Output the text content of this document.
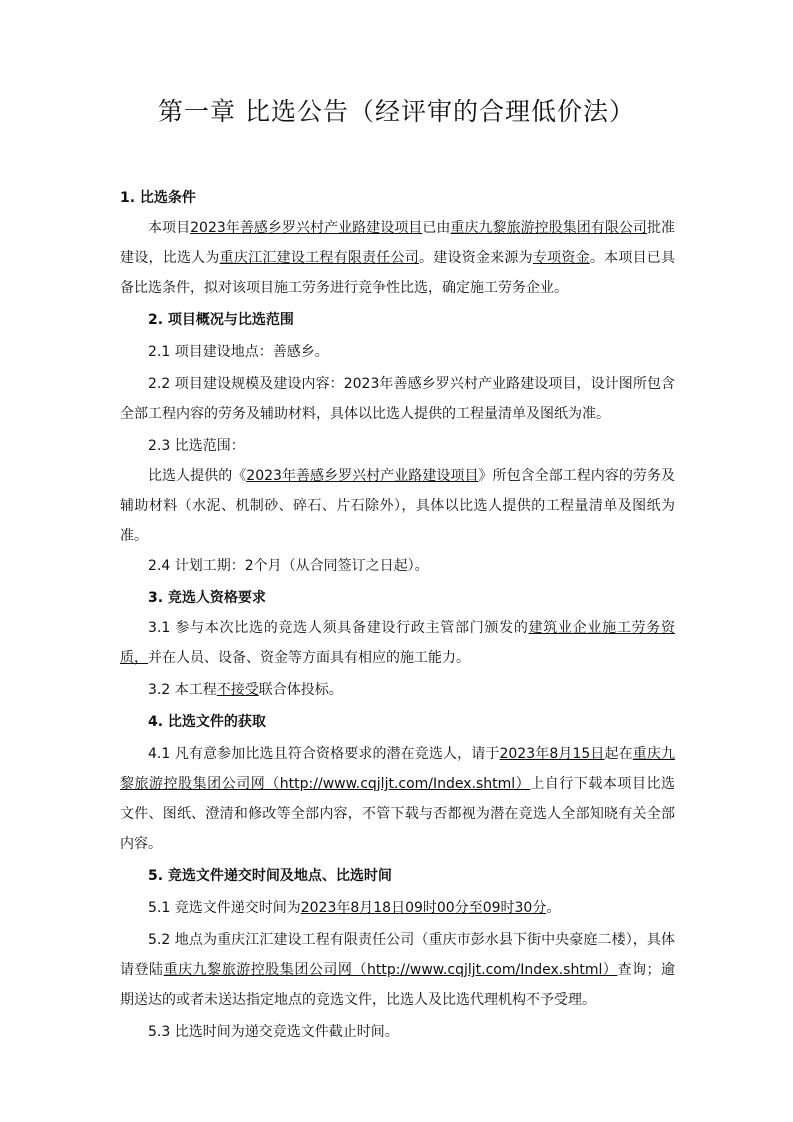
第一章 比选公告（经评审的合理低价法）

1. 比选条件

本项目2023年善感乡罗兴村产业路建设项目已由重庆九黎旅游控股集团有限公司批准建设，比选人为重庆江汇建设工程有限责任公司。建设资金来源为专项资金。本项目已具备比选条件，拟对该项目施工劳务进行竞争性比选，确定施工劳务企业。

2. 项目概况与比选范围

2.1 项目建设地点：善感乡。

2.2 项目建设规模及建设内容：2023年善感乡罗兴村产业路建设项目，设计图所包含全部工程内容的劳务及辅助材料，具体以比选人提供的工程量清单及图纸为准。

2.3 比选范围：

比选人提供的《2023年善感乡罗兴村产业路建设项目》所包含全部工程内容的劳务及辅助材料（水泥、机制砂、碎石、片石除外），具体以比选人提供的工程量清单及图纸为准。

2.4 计划工期：2个月（从合同签订之日起）。

3. 竞选人资格要求

3.1 参与本次比选的竞选人须具备建设行政主管部门颁发的建筑业企业施工劳务资质，并在人员、设备、资金等方面具有相应的施工能力。

3.2 本工程不接受联合体投标。

4. 比选文件的获取

4.1 凡有意参加比选且符合资格要求的潜在竞选人，请于2023年8月15日起在重庆九黎旅游控股集团公司网（http://www.cqjljt.com/Index.shtml）上自行下载本项目比选文件、图纸、澄清和修改等全部内容，不管下载与否都视为潜在竞选人全部知晓有关全部内容。

5. 竞选文件递交时间及地点、比选时间

5.1 竞选文件递交时间为2023年8月18日09时00分至09时30分。

5.2 地点为重庆江汇建设工程有限责任公司（重庆市彭水县下街中央豪庭二楼），具体请登陆重庆九黎旅游控股集团公司网（http://www.cqjljt.com/Index.shtml）查询；逾期送达的或者未送达指定地点的竞选文件，比选人及比选代理机构不予受理。

5.3 比选时间为递交竞选文件截止时间。
